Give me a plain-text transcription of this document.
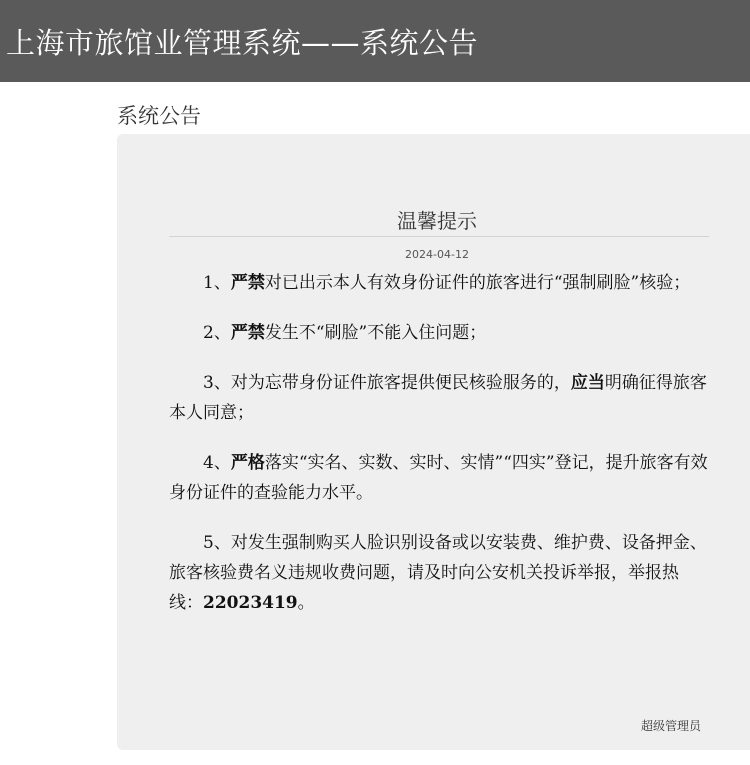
上海市旅馆业管理系统——系统公告
系统公告
温馨提示
2024-04-12

1、严禁对已出示本人有效身份证件的旅客进行“强制刷脸”核验；

2、严禁发生不“刷脸”不能入住问题；

3、对为忘带身份证件旅客提供便民核验服务的，应当明确征得旅客本人同意；

4、严格落实“实名、实数、实时、实情”“四实”登记，提升旅客有效身份证件的查验能力水平。

5、对发生强制购买人脸识别设备或以安装费、维护费、设备押金、旅客核验费名义违规收费问题，请及时向公安机关投诉举报，举报热线：22023419。

超级管理员
